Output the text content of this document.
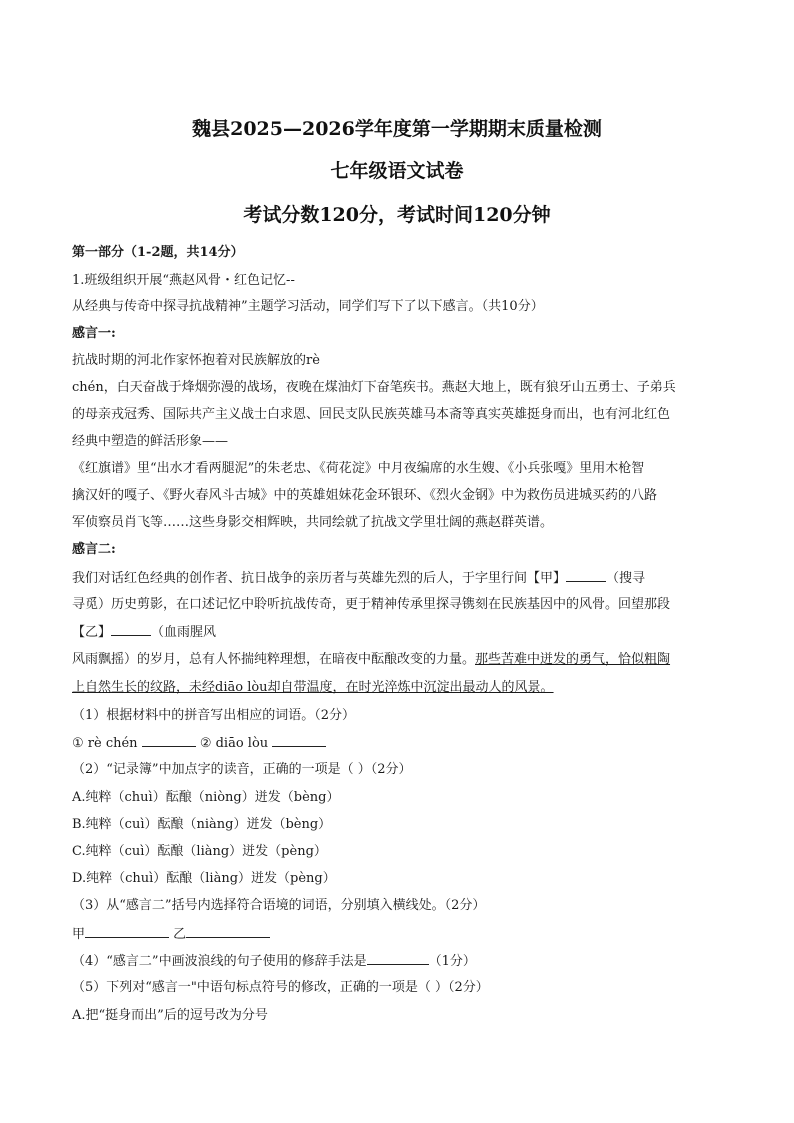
魏县2025—2026学年度第一学期期末质量检测
七年级语文试卷
考试分数120分，考试时间120分钟
第一部分（1-2题，共14分）
1.班级组织开展“燕赵风骨・红色记忆--
从经典与传奇中探寻抗战精神”主题学习活动，同学们写下了以下感言。（共10分）
感言一:
抗战时期的河北作家怀抱着对民族解放的rè
chén，白天奋战于烽烟弥漫的战场，夜晚在煤油灯下奋笔疾书。燕赵大地上，既有狼牙山五勇士、子弟兵
的母亲戎冠秀、国际共产主义战士白求恩、回民支队民族英雄马本斋等真实英雄挺身而出，也有河北红色
经典中塑造的鲜活形象——
《红旗谱》里“出水才看两腿泥”的朱老忠、《荷花淀》中月夜编席的水生嫂、《小兵张嘎》里用木枪智
擒汉奸的嘎子、《野火春风斗古城》中的英雄姐妹花金环银环、《烈火金钢》中为救伤员进城买药的八路
军侦察员肖飞等……这些身影交相辉映，共同绘就了抗战文学里壮阔的燕赵群英谱。
感言二:
我们对话红色经典的创作者、抗日战争的亲历者与英雄先烈的后人，于字里行间【甲】	（搜寻
寻觅）历史剪影，在口述记忆中聆听抗战传奇，更于精神传承里探寻镌刻在民族基因中的风骨。回望那段
【乙】	（血雨腥风
风雨飘摇）的岁月，总有人怀揣纯粹理想，在暗夜中酝酿改变的力量。那些苦难中迸发的勇气，恰似粗陶
上自然生长的纹路，未经diāo lòu却自带温度，在时光淬炼中沉淀出最动人的风景。
（1）根据材料中的拼音写出相应的词语。（2分）
① rè chén	② diāo lòu
（2）“记录簿”中加点字的读音，正确的一项是（ ）（2分）
A.纯粹（chuì）酝酿（niòng）迸发（bèng）
B.纯粹（cuì）酝酿（niàng）迸发（bèng）
C.纯粹（cuì）酝酿（liàng）迸发（pèng）
D.纯粹（chuì）酝酿（liàng）迸发（pèng）
（3）从“感言二”括号内选择符合语境的词语，分别填入横线处。（2分）
甲	乙
（4）“感言二”中画波浪线的句子使用的修辞手法是	（1分）
（5）下列对“感言一"中语句标点符号的修改，正确的一项是（ ）（2分）
A.把“挺身而出”后的逗号改为分号
